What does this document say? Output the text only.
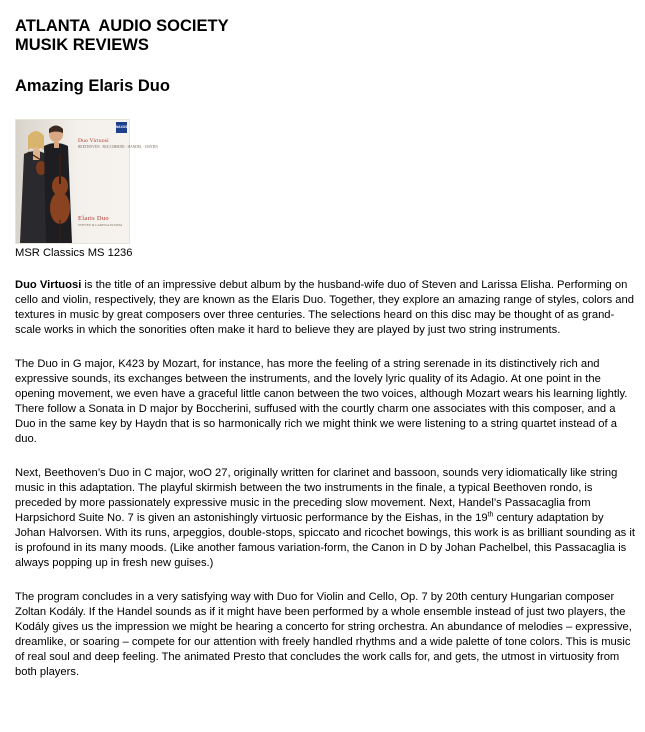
ATLANTA  AUDIO SOCIETY
MUSIK REVIEWS
Amazing Elaris Duo
NAXOS
Duo Virtuosi
BEETHOVEN · BOCCHERINI · HANDEL · HAYDN
Elaris Duo
STEVEN & LARISSA ELISHA
MSR Classics MS 1236

Duo Virtuosi is the title of an impressive debut album by the husband-wife duo of Steven and Larissa Elisha. Performing on cello and violin, respectively, they are known as the Elaris Duo. Together, they explore an amazing range of styles, colors and textures in music by great composers over three centuries. The selections heard on this disc may be thought of as grand-scale works in which the sonorities often make it hard to believe they are played by just two string instruments.

The Duo in G major, K423 by Mozart, for instance, has more the feeling of a string serenade in its distinctively rich and expressive sounds, its exchanges between the instruments, and the lovely lyric quality of its Adagio. At one point in the opening movement, we even have a graceful little canon between the two voices, although Mozart wears his learning lightly. There follow a Sonata in D major by Boccherini, suffused with the courtly charm one associates with this composer, and a Duo in the same key by Haydn that is so harmonically rich we might think we were listening to a string quartet instead of a duo.

Next, Beethoven’s Duo in C major, woO 27, originally written for clarinet and bassoon, sounds very idiomatically like string music in this adaptation. The playful skirmish between the two instruments in the finale, a typical Beethoven rondo, is preceded by more passionately expressive music in the preceding slow movement. Next, Handel’s Passacaglia from Harpsichord Suite No. 7 is given an astonishingly virtuosic performance by the Eishas, in the 19th century adaptation by Johan Halvorsen. With its runs, arpeggios, double-stops, spiccato and ricochet bowings, this work is as brilliant sounding as it is profound in its many moods. (Like another famous variation-form, the Canon in D by Johan Pachelbel, this Passacaglia is always popping up in fresh new guises.)

The program concludes in a very satisfying way with Duo for Violin and Cello, Op. 7 by 20th century Hungarian composer Zoltan Kodály. If the Handel sounds as if it might have been performed by a whole ensemble instead of just two players, the Kodály gives us the impression we might be hearing a concerto for string orchestra. An abundance of melodies – expressive, dreamlike, or soaring – compete for our attention with freely handled rhythms and a wide palette of tone colors. This is music of real soul and deep feeling. The animated Presto that concludes the work calls for, and gets, the utmost in virtuosity from both players.
